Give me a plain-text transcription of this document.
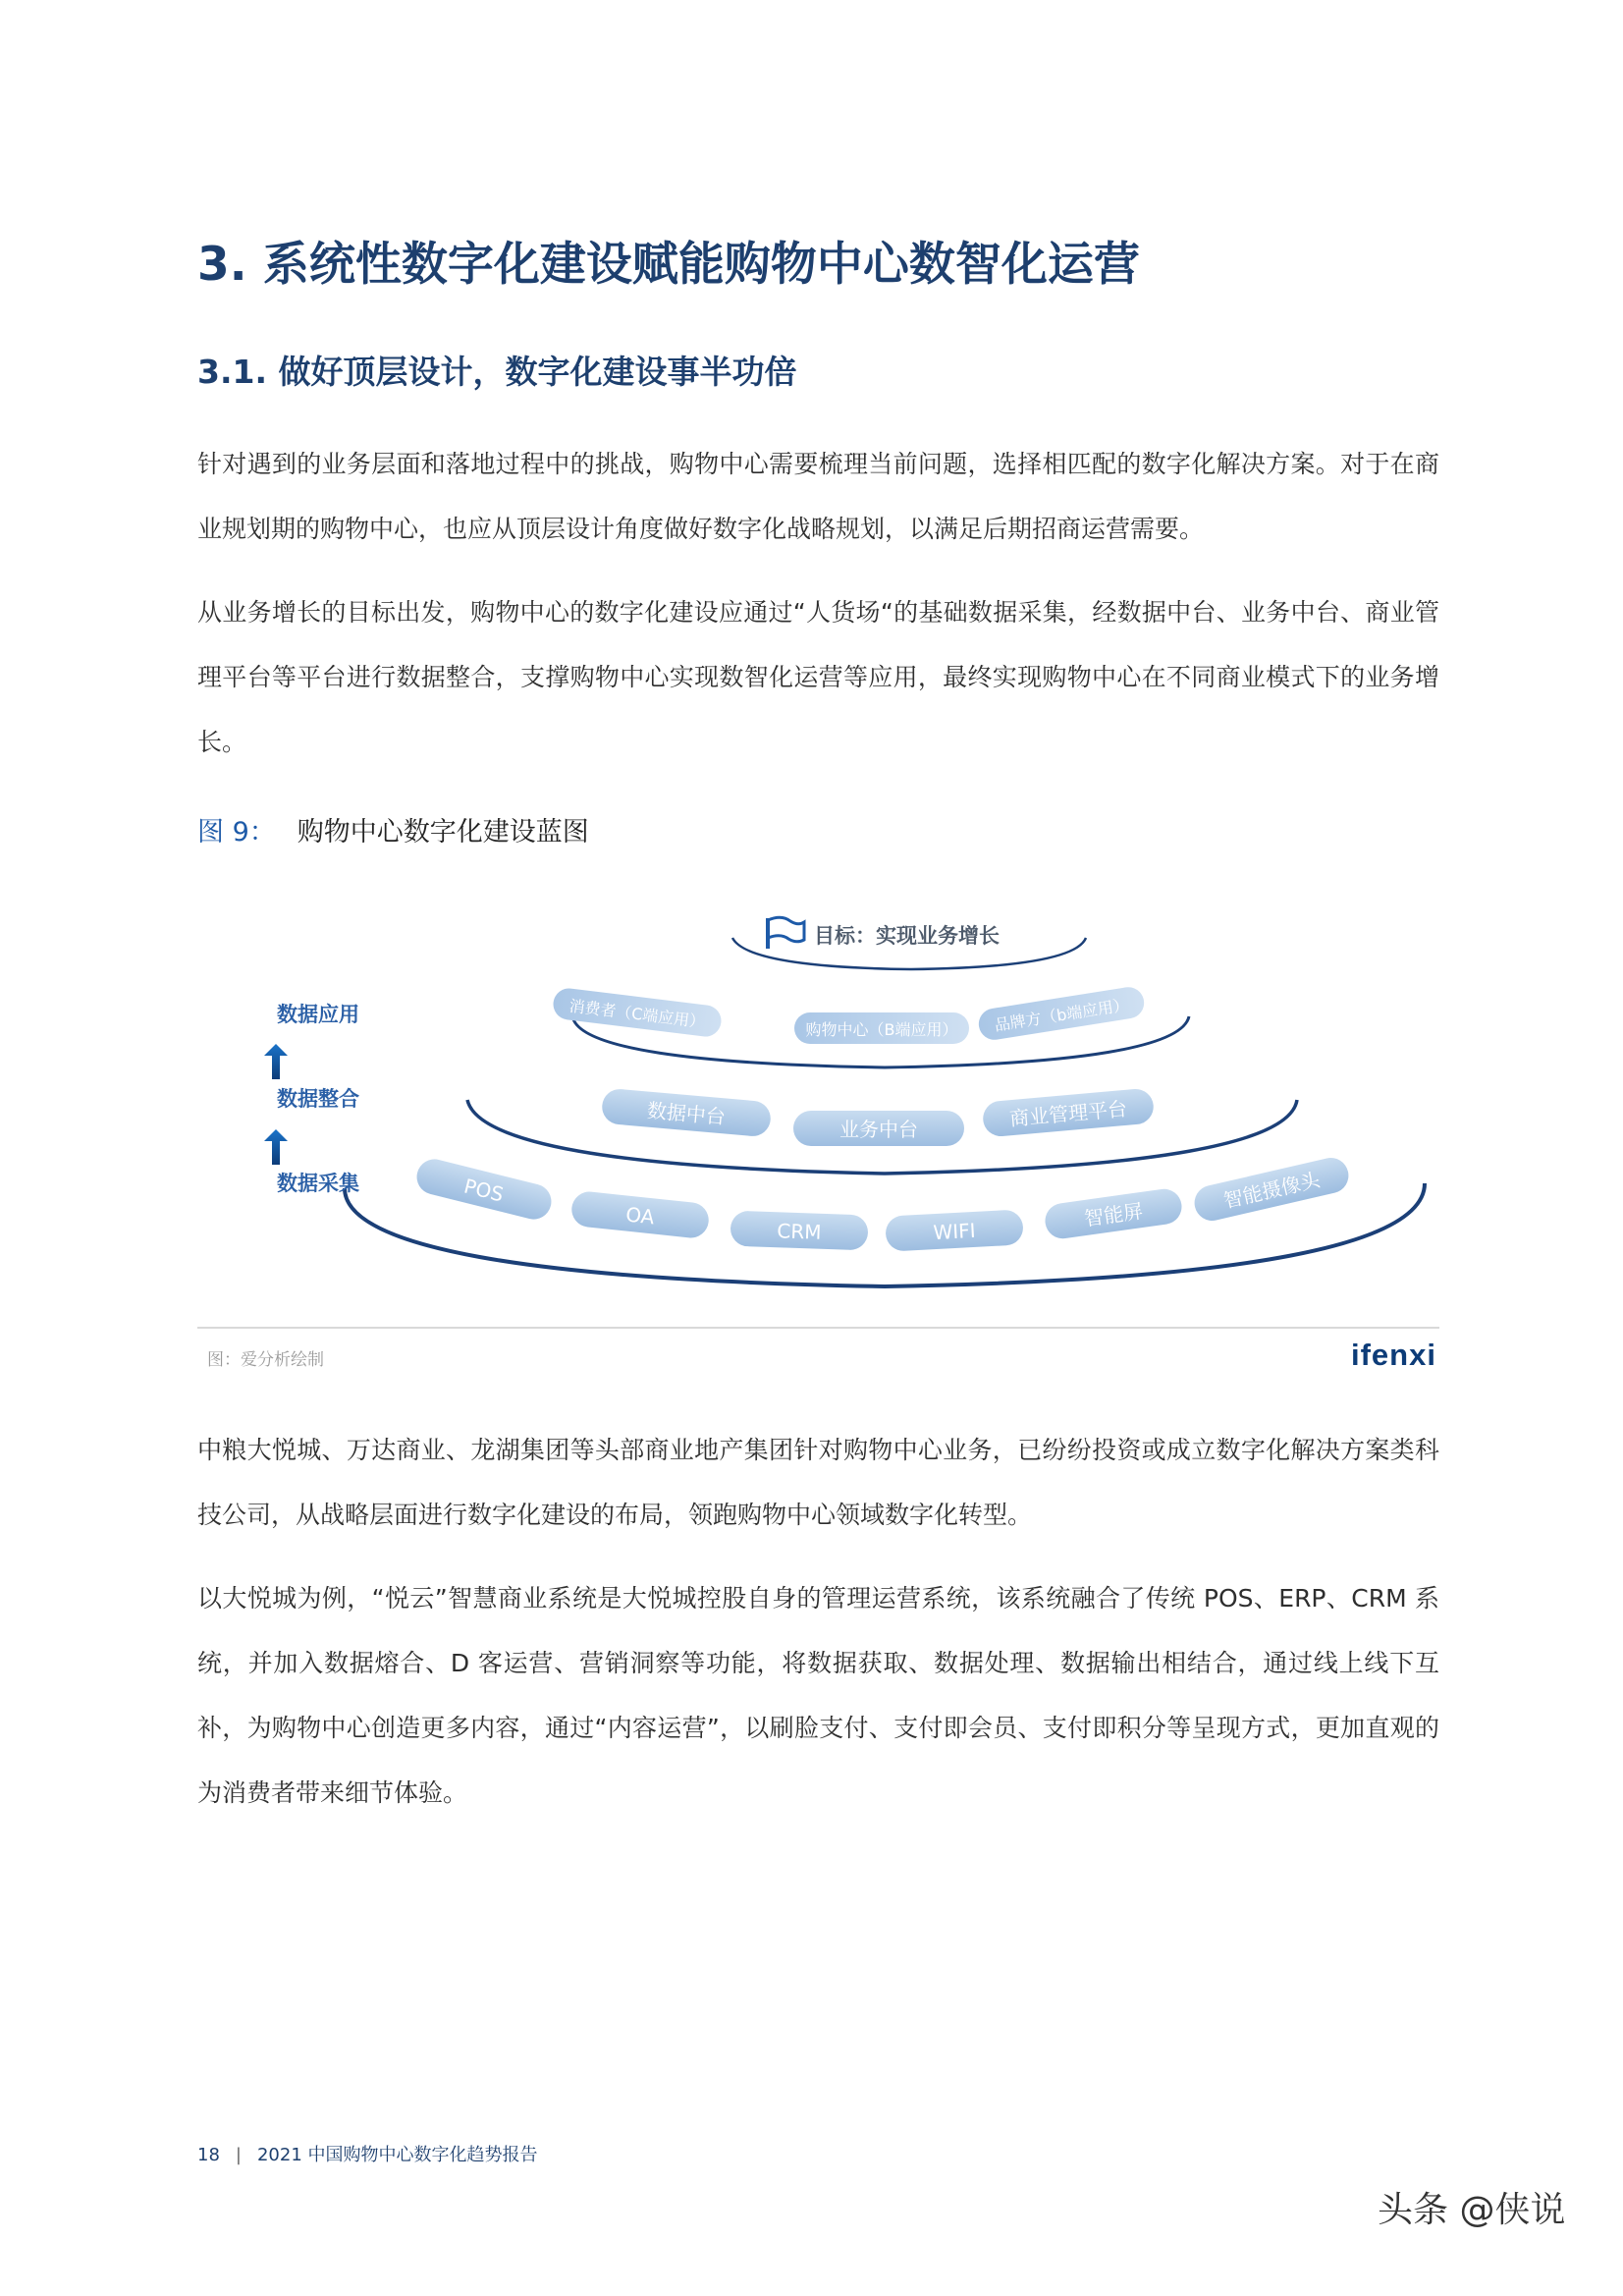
3. 系统性数字化建设赋能购物中心数智化运营
3.1. 做好顶层设计，数字化建设事半功倍
针对遇到的业务层面和落地过程中的挑战，购物中心需要梳理当前问题，选择相匹配的数字化解决方案。对于在商业规划期的购物中心，也应从顶层设计角度做好数字化战略规划，以满足后期招商运营需要。
从业务增长的目标出发，购物中心的数字化建设应通过“人货场“的基础数据采集，经数据中台、业务中台、商业管理平台等平台进行数据整合，支撑购物中心实现数智化运营等应用，最终实现购物中心在不同商业模式下的业务增长。
图 9： 购物中心数字化建设蓝图
目标：实现业务增长
数据应用
数据整合
数据采集
消费者（C端应用）	购物中心（B端应用） 品牌方（b端应用）
数据中台
业务中台	商业管理平台
POS
OA
CRM	WIFI
智能屏
智能摄像头
图：爱分析绘制	ifenxi
中粮大悦城、万达商业、龙湖集团等头部商业地产集团针对购物中心业务，已纷纷投资或成立数字化解决方案类科技公司，从战略层面进行数字化建设的布局，领跑购物中心领域数字化转型。
以大悦城为例，“悦云”智慧商业系统是大悦城控股自身的管理运营系统，该系统融合了传统 POS、ERP、CRM 系统，并加入数据熔合、D 客运营、营销洞察等功能，将数据获取、数据处理、数据输出相结合，通过线上线下互补，为购物中心创造更多内容，通过“内容运营”，以刷脸支付、支付即会员、支付即积分等呈现方式，更加直观的为消费者带来细节体验。
18 | 2021 中国购物中心数字化趋势报告
头条 @侠说
